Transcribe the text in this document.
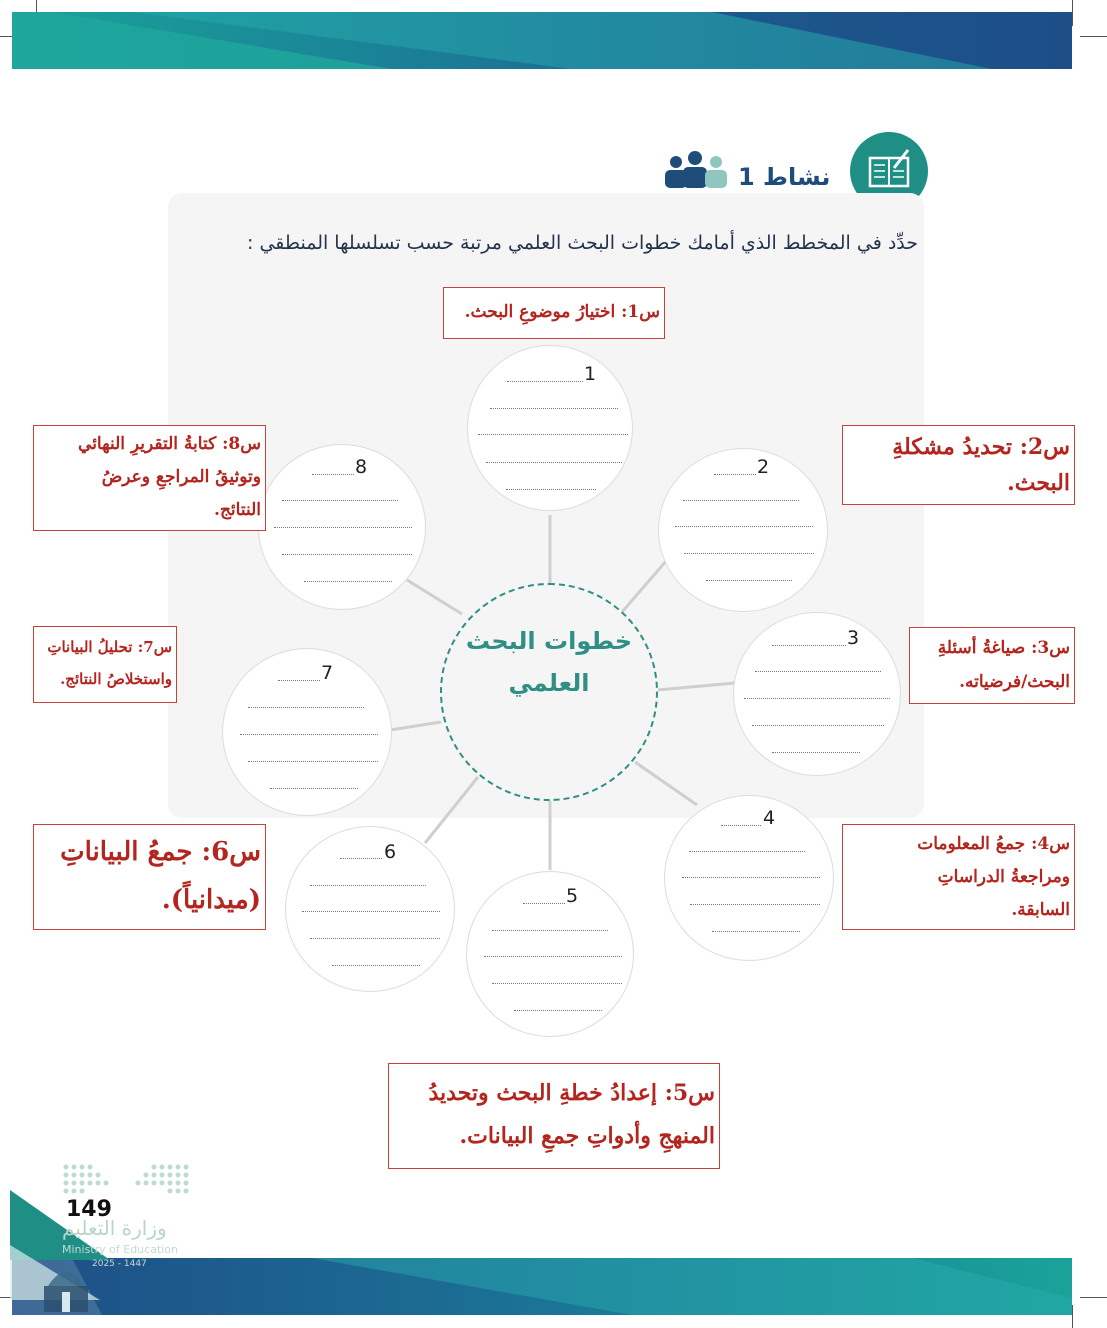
نشاط 1
حدِّد في المخطط الذي أمامك خطوات البحث العلمي مرتبة حسب تسلسلها المنطقي :
1
2
3
4
5
6
7
8
خطوات البحث العلمي
س1: اختيارُ موضوعِ البحث.
س2: تحديدُ مشكلةِ البحث.
س3: صياغةُ أسئلةِ البحث/فرضياته.
س4: جمعُ المعلومات ومراجعةُ الدراساتِ السابقة.
س5: إعدادُ خطةِ البحث وتحديدُ المنهجِ وأدواتِ جمعِ البيانات.
س6: جمعُ البياناتِ (ميدانياً).
س7: تحليلُ البياناتِ واستخلاصُ النتائج.
س8: كتابةُ التقريرِ النهائي وتوثيقُ المراجعِ وعرضُ النتائج.
149
وزارة التعليم
Ministry of Education
2025 - 1447
